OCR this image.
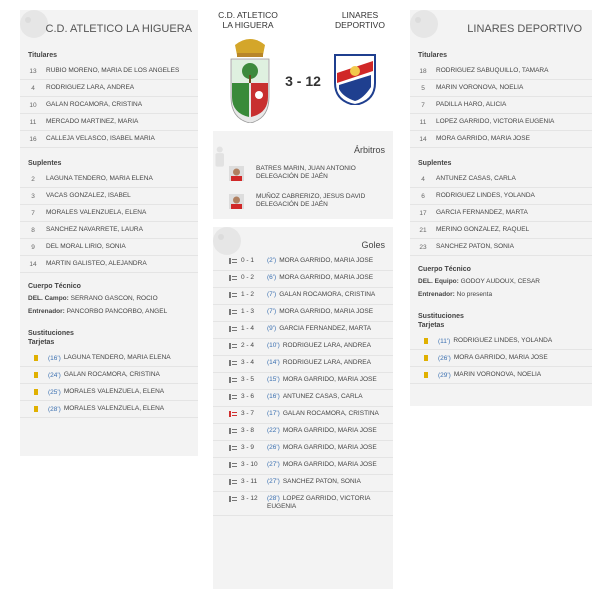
C.D. ATLETICO LA HIGUERA
Titulares
13	RUBIO MORENO, MARIA DE LOS ANGELES
4	RODRIGUEZ LARA, ANDREA
10	GALAN ROCAMORA, CRISTINA
11	MERCADO MARTINEZ, MARIA
16	CALLEJA VELASCO, ISABEL MARIA
Suplentes
2	LAGUNA TENDERO, MARIA ELENA
3	VACAS GONZALEZ, ISABEL
7	MORALES VALENZUELA, ELENA
8	SANCHEZ NAVARRETE, LAURA
9	DEL MORAL LIRIO, SONIA
14	MARTIN GALISTEO, ALEJANDRA
Cuerpo Técnico
DEL. Campo: SERRANO GASCON, ROCIO
Entrenador: PANCORBO PANCORBO, ANGEL
Sustituciones
Tarjetas
(16') LAGUNA TENDERO, MARIA ELENA
(24') GALAN ROCAMORA, CRISTINA
(25') MORALES VALENZUELA, ELENA
(28') MORALES VALENZUELA, ELENA
C.D. ATLETICO LA HIGUERA
LINARES DEPORTIVO
3 - 12
Árbitros
BATRES MARIN, JUAN ANTONIO
DELEGACIÓN DE JAÉN
MUÑOZ CABRERIZO, JESUS DAVID
DELEGACIÓN DE JAÉN
Goles
0 - 1	(2') MORA GARRIDO, MARIA JOSE
0 - 2	(6') MORA GARRIDO, MARIA JOSE
1 - 2	(7') GALAN ROCAMORA, CRISTINA
1 - 3	(7') MORA GARRIDO, MARIA JOSE
1 - 4	(9') GARCIA FERNANDEZ, MARTA
2 - 4	(10') RODRIGUEZ LARA, ANDREA
3 - 4	(14') RODRIGUEZ LARA, ANDREA
3 - 5	(15') MORA GARRIDO, MARIA JOSE
3 - 6	(16') ANTUNEZ CASAS, CARLA
3 - 7	(17') GALAN ROCAMORA, CRISTINA
3 - 8	(22') MORA GARRIDO, MARIA JOSE
3 - 9	(26') MORA GARRIDO, MARIA JOSE
3 - 10	(27') MORA GARRIDO, MARIA JOSE
3 - 11	(27') SANCHEZ PATON, SONIA
3 - 12	(28') LOPEZ GARRIDO, VICTORIA EUGENIA
LINARES DEPORTIVO
Titulares
18	RODRIGUEZ SABUQUILLO, TAMARA
5	MARIN VORONOVA, NOELIA
7	PADILLA HARO, ALICIA
11	LOPEZ GARRIDO, VICTORIA EUGENIA
14	MORA GARRIDO, MARIA JOSE
Suplentes
4	ANTUNEZ CASAS, CARLA
6	RODRIGUEZ LINDES, YOLANDA
17	GARCIA FERNANDEZ, MARTA
21	MERINO GONZALEZ, RAQUEL
23	SANCHEZ PATON, SONIA
Cuerpo Técnico
DEL. Equipo: GODOY AUDOUX, CESAR
Entrenador: No presenta
Sustituciones
Tarjetas
(11') RODRIGUEZ LINDES, YOLANDA
(26') MORA GARRIDO, MARIA JOSE
(29') MARIN VORONOVA, NOELIA
